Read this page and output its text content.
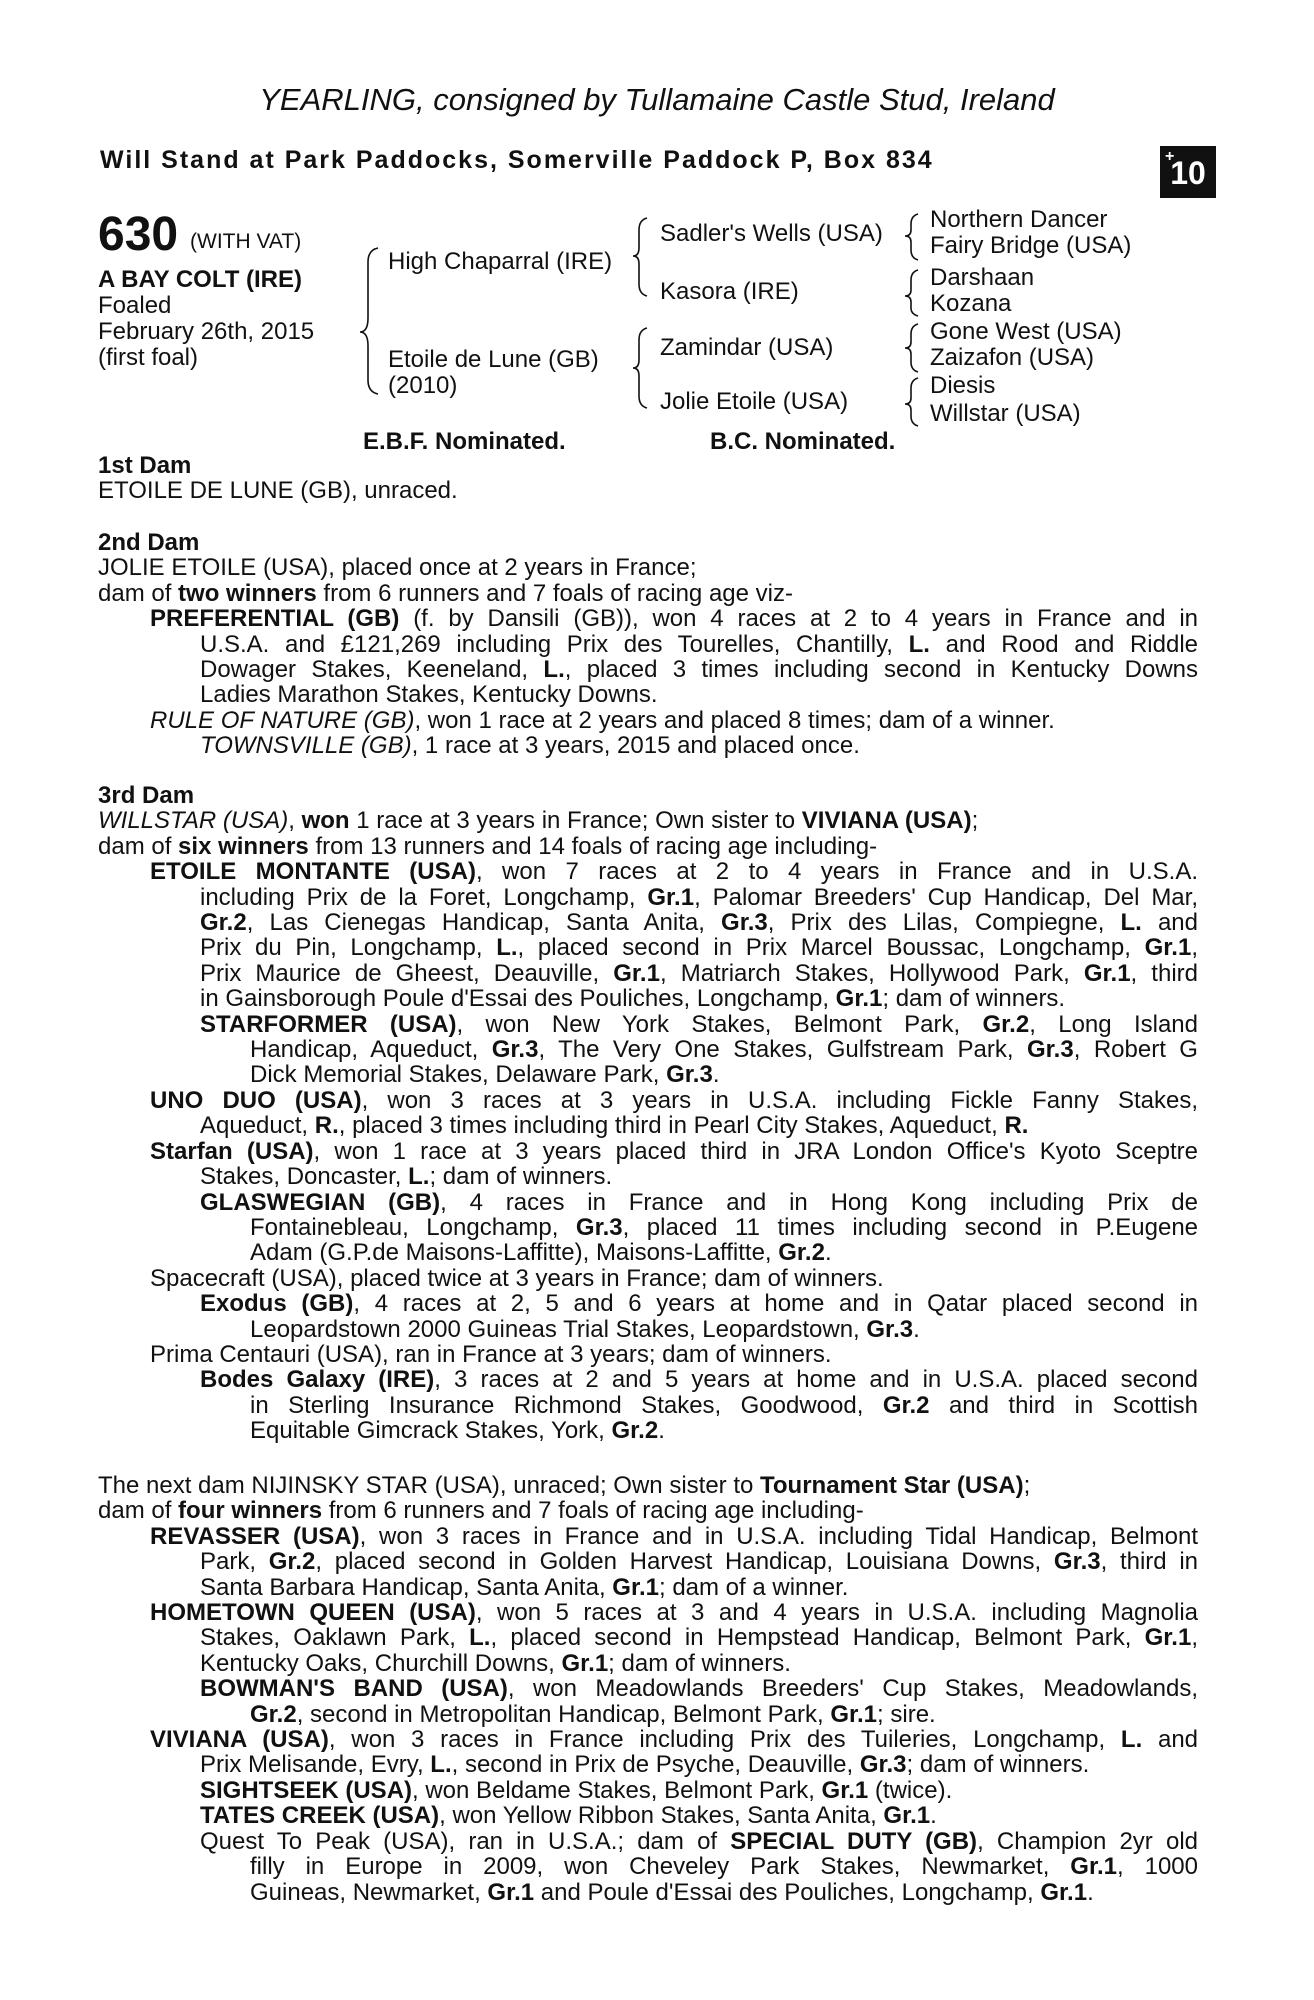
YEARLING, consigned by Tullamaine Castle Stud, Ireland
Will Stand at Park Paddocks, Somerville Paddock P, Box 834	+
10
630 (WITH VAT)
A BAY COLT (IRE)
Foaled
February 26th, 2015
(first foal)
High Chaparral (IRE)
Etoile de Lune (GB)
(2010)
Sadler's Wells (USA)
Kasora (IRE)
Zamindar (USA)
Jolie Etoile (USA)
Northern Dancer
Fairy Bridge (USA)
Darshaan
Kozana
Gone West (USA)
Zaizafon (USA)
Diesis
Willstar (USA)
E.B.F. Nominated.	B.C. Nominated.
1st Dam
ETOILE DE LUNE (GB), unraced.
2nd Dam
JOLIE ETOILE (USA), placed once at 2 years in France;
dam of two winners from 6 runners and 7 foals of racing age viz-
PREFERENTIAL (GB) (f. by Dansili (GB)), won 4 races at 2 to 4 years in France and in
U.S.A. and £121,269 including Prix des Tourelles, Chantilly, L. and Rood and Riddle
Dowager Stakes, Keeneland, L., placed 3 times including second in Kentucky Downs
Ladies Marathon Stakes, Kentucky Downs.
RULE OF NATURE (GB), won 1 race at 2 years and placed 8 times; dam of a winner.
TOWNSVILLE (GB), 1 race at 3 years, 2015 and placed once.
3rd Dam
WILLSTAR (USA), won 1 race at 3 years in France; Own sister to VIVIANA (USA);
dam of six winners from 13 runners and 14 foals of racing age including-
ETOILE MONTANTE (USA), won 7 races at 2 to 4 years in France and in U.S.A.
including Prix de la Foret, Longchamp, Gr.1, Palomar Breeders' Cup Handicap, Del Mar,
Gr.2, Las Cienegas Handicap, Santa Anita, Gr.3, Prix des Lilas, Compiegne, L. and
Prix du Pin, Longchamp, L., placed second in Prix Marcel Boussac, Longchamp, Gr.1,
Prix Maurice de Gheest, Deauville, Gr.1, Matriarch Stakes, Hollywood Park, Gr.1, third
in Gainsborough Poule d'Essai des Pouliches, Longchamp, Gr.1; dam of winners.
STARFORMER (USA), won New York Stakes, Belmont Park, Gr.2, Long Island
Handicap, Aqueduct, Gr.3, The Very One Stakes, Gulfstream Park, Gr.3, Robert G
Dick Memorial Stakes, Delaware Park, Gr.3.
UNO DUO (USA), won 3 races at 3 years in U.S.A. including Fickle Fanny Stakes,
Aqueduct, R., placed 3 times including third in Pearl City Stakes, Aqueduct, R.
Starfan (USA), won 1 race at 3 years placed third in JRA London Office's Kyoto Sceptre
Stakes, Doncaster, L.; dam of winners.
GLASWEGIAN (GB), 4 races in France and in Hong Kong including Prix de
Fontainebleau, Longchamp, Gr.3, placed 11 times including second in P.Eugene
Adam (G.P.de Maisons-Laffitte), Maisons-Laffitte, Gr.2.
Spacecraft (USA), placed twice at 3 years in France; dam of winners.
Exodus (GB), 4 races at 2, 5 and 6 years at home and in Qatar placed second in
Leopardstown 2000 Guineas Trial Stakes, Leopardstown, Gr.3.
Prima Centauri (USA), ran in France at 3 years; dam of winners.
Bodes Galaxy (IRE), 3 races at 2 and 5 years at home and in U.S.A. placed second
in Sterling Insurance Richmond Stakes, Goodwood, Gr.2 and third in Scottish
Equitable Gimcrack Stakes, York, Gr.2.
The next dam NIJINSKY STAR (USA), unraced; Own sister to Tournament Star (USA);
dam of four winners from 6 runners and 7 foals of racing age including-
REVASSER (USA), won 3 races in France and in U.S.A. including Tidal Handicap, Belmont
Park, Gr.2, placed second in Golden Harvest Handicap, Louisiana Downs, Gr.3, third in
Santa Barbara Handicap, Santa Anita, Gr.1; dam of a winner.
HOMETOWN QUEEN (USA), won 5 races at 3 and 4 years in U.S.A. including Magnolia
Stakes, Oaklawn Park, L., placed second in Hempstead Handicap, Belmont Park, Gr.1,
Kentucky Oaks, Churchill Downs, Gr.1; dam of winners.
BOWMAN'S BAND (USA), won Meadowlands Breeders' Cup Stakes, Meadowlands,
Gr.2, second in Metropolitan Handicap, Belmont Park, Gr.1; sire.
VIVIANA (USA), won 3 races in France including Prix des Tuileries, Longchamp, L. and
Prix Melisande, Evry, L., second in Prix de Psyche, Deauville, Gr.3; dam of winners.
SIGHTSEEK (USA), won Beldame Stakes, Belmont Park, Gr.1 (twice).
TATES CREEK (USA), won Yellow Ribbon Stakes, Santa Anita, Gr.1.
Quest To Peak (USA), ran in U.S.A.; dam of SPECIAL DUTY (GB), Champion 2yr old
filly in Europe in 2009, won Cheveley Park Stakes, Newmarket, Gr.1, 1000
Guineas, Newmarket, Gr.1 and Poule d'Essai des Pouliches, Longchamp, Gr.1.
